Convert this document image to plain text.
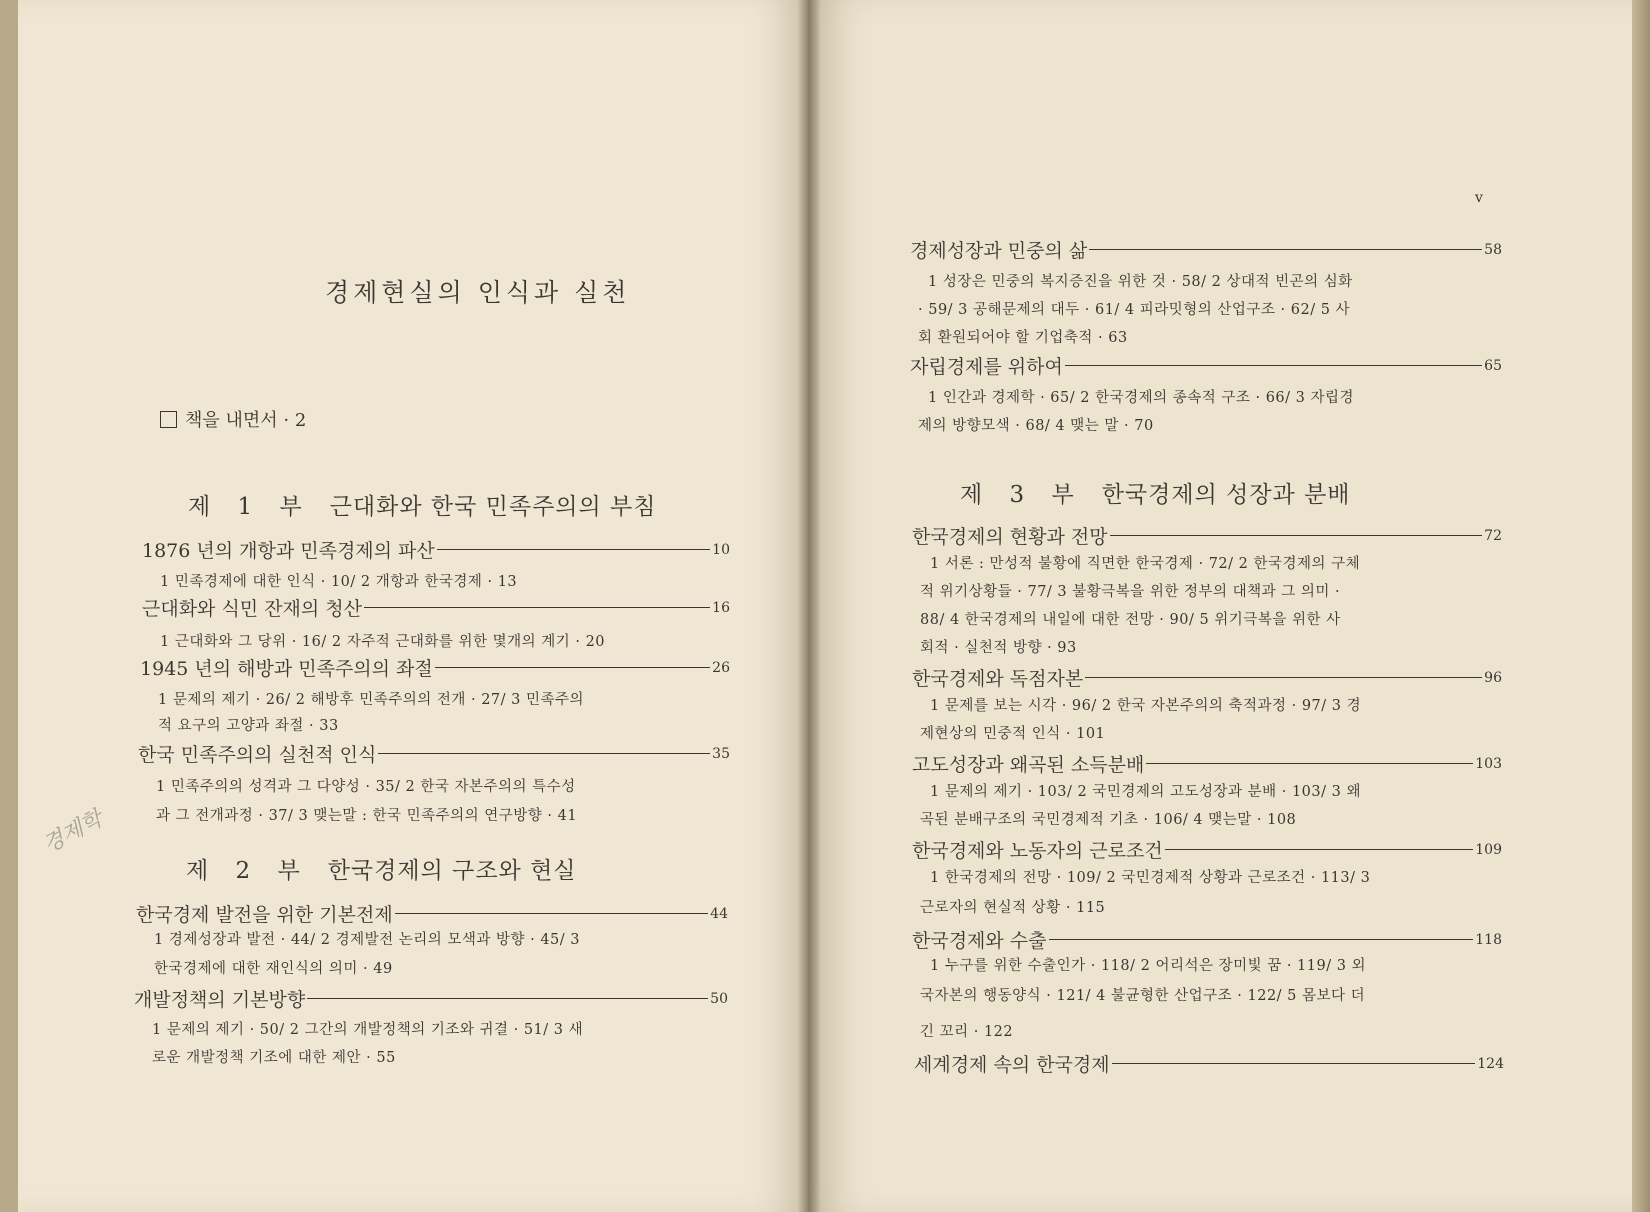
경제현실의 인식과 실천
책을 내면서 · 2
제 1 부 근대화와 한국 민족주의의 부침
1876 년의 개항과 민족경제의 파산	10
1 민족경제에 대한 인식 · 10/ 2 개항과 한국경제 · 13
근대화와 식민 잔재의 청산	16
1 근대화와 그 당위 · 16/ 2 자주적 근대화를 위한 몇개의 계기 · 20
1945 년의 해방과 민족주의의 좌절	26
1 문제의 제기 · 26/ 2 해방후 민족주의의 전개 · 27/ 3 민족주의
적 요구의 고양과 좌절 · 33
한국 민족주의의 실천적 인식	35
1 민족주의의 성격과 그 다양성 · 35/ 2 한국 자본주의의 특수성
과 그 전개과정 · 37/ 3 맺는말 : 한국 민족주의의 연구방향 · 41
제 2 부 한국경제의 구조와 현실
한국경제 발전을 위한 기본전제	44
1 경제성장과 발전 · 44/ 2 경제발전 논리의 모색과 방향 · 45/ 3
한국경제에 대한 재인식의 의미 · 49
개발정책의 기본방향	50
1 문제의 제기 · 50/ 2 그간의 개발정책의 기조와 귀결 · 51/ 3 새
로운 개발정책 기조에 대한 제안 · 55
경제학
v
경제성장과 민중의 삶	58
1 성장은 민중의 복지증진을 위한 것 · 58/ 2 상대적 빈곤의 심화
· 59/ 3 공해문제의 대두 · 61/ 4 피라밋형의 산업구조 · 62/ 5 사
회 환원되어야 할 기업축적 · 63
자립경제를 위하여	65
1 인간과 경제학 · 65/ 2 한국경제의 종속적 구조 · 66/ 3 자립경
제의 방향모색 · 68/ 4 맺는 말 · 70
제 3 부 한국경제의 성장과 분배
한국경제의 현황과 전망	72
1 서론 : 만성적 불황에 직면한 한국경제 · 72/ 2 한국경제의 구체
적 위기상황들 · 77/ 3 불황극복을 위한 정부의 대책과 그 의미 ·
88/ 4 한국경제의 내일에 대한 전망 · 90/ 5 위기극복을 위한 사
회적 · 실천적 방향 · 93
한국경제와 독점자본	96
1 문제를 보는 시각 · 96/ 2 한국 자본주의의 축적과정 · 97/ 3 경
제현상의 민중적 인식 · 101
고도성장과 왜곡된 소득분배	103
1 문제의 제기 · 103/ 2 국민경제의 고도성장과 분배 · 103/ 3 왜
곡된 분배구조의 국민경제적 기초 · 106/ 4 맺는말 · 108
한국경제와 노동자의 근로조건	109
1 한국경제의 전망 · 109/ 2 국민경제적 상황과 근로조건 · 113/ 3
근로자의 현실적 상황 · 115
한국경제와 수출	118
1 누구를 위한 수출인가 · 118/ 2 어리석은 장미빛 꿈 · 119/ 3 외
국자본의 행동양식 · 121/ 4 불균형한 산업구조 · 122/ 5 몸보다 더
긴 꼬리 · 122
세계경제 속의 한국경제	124
